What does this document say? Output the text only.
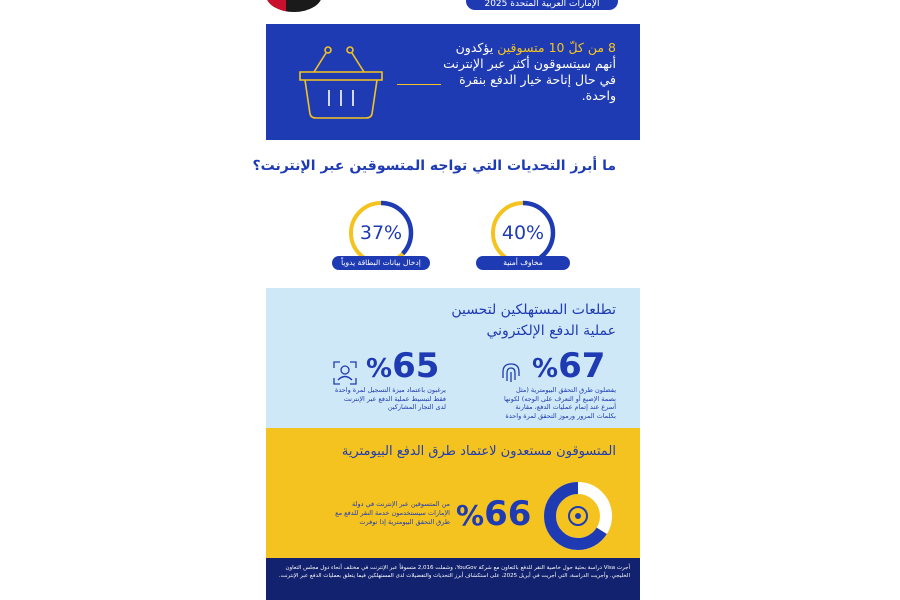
الإمارات العربية المتحدة 2025
8 من كلّ 10 متسوقين يؤكدون أنهم سيتسوقون أكثر عبر الإنترنت في حال إتاحة خيار الدفع بنقرة واحدة.
ما أبرز التحديات التي تواجه المتسوقين عبر الإنترنت؟
40%
مخاوف أمنية
37%
إدخال بيانات البطاقة يدوياً
تطلعات المستهلكين لتحسين
عملية الدفع الإلكتروني
%67
يفضلون طرق التحقق البيومترية (مثل بصمة الإصبع أو التعرف على الوجه) لكونها أسرع عند إتمام عمليات الدفع، مقارنة بكلمات المرور ورموز التحقق لمرة واحدة
%65
يرغبون باعتماد ميزة التسجيل لمرة واحدة فقط لتبسيط عملية الدفع عبر الإنترنت لدى التجار المشاركين
المتسوقون مستعدون لاعتماد طرق الدفع البيومترية
%66
من المتسوقين عبر الإنترنت في دولة الإمارات سيستخدمون خدمة النقر للدفع مع طرق التحقق البيومترية إذا توفرت
أجرت Visa دراسة بحثية حول خاصية النقر للدفع بالتعاون مع شركة YouGov، وشملت 2,016 متسوقاً عبر الإنترنت في مختلف أنحاء دول مجلس التعاون الخليجي. وأجريت الدراسة، التي أجريت في أبريل 2025، على استكشاف أبرز التحديات والتفضيلات لدى المستهلكين فيما يتعلق بعمليات الدفع عبر الإنترنت.
